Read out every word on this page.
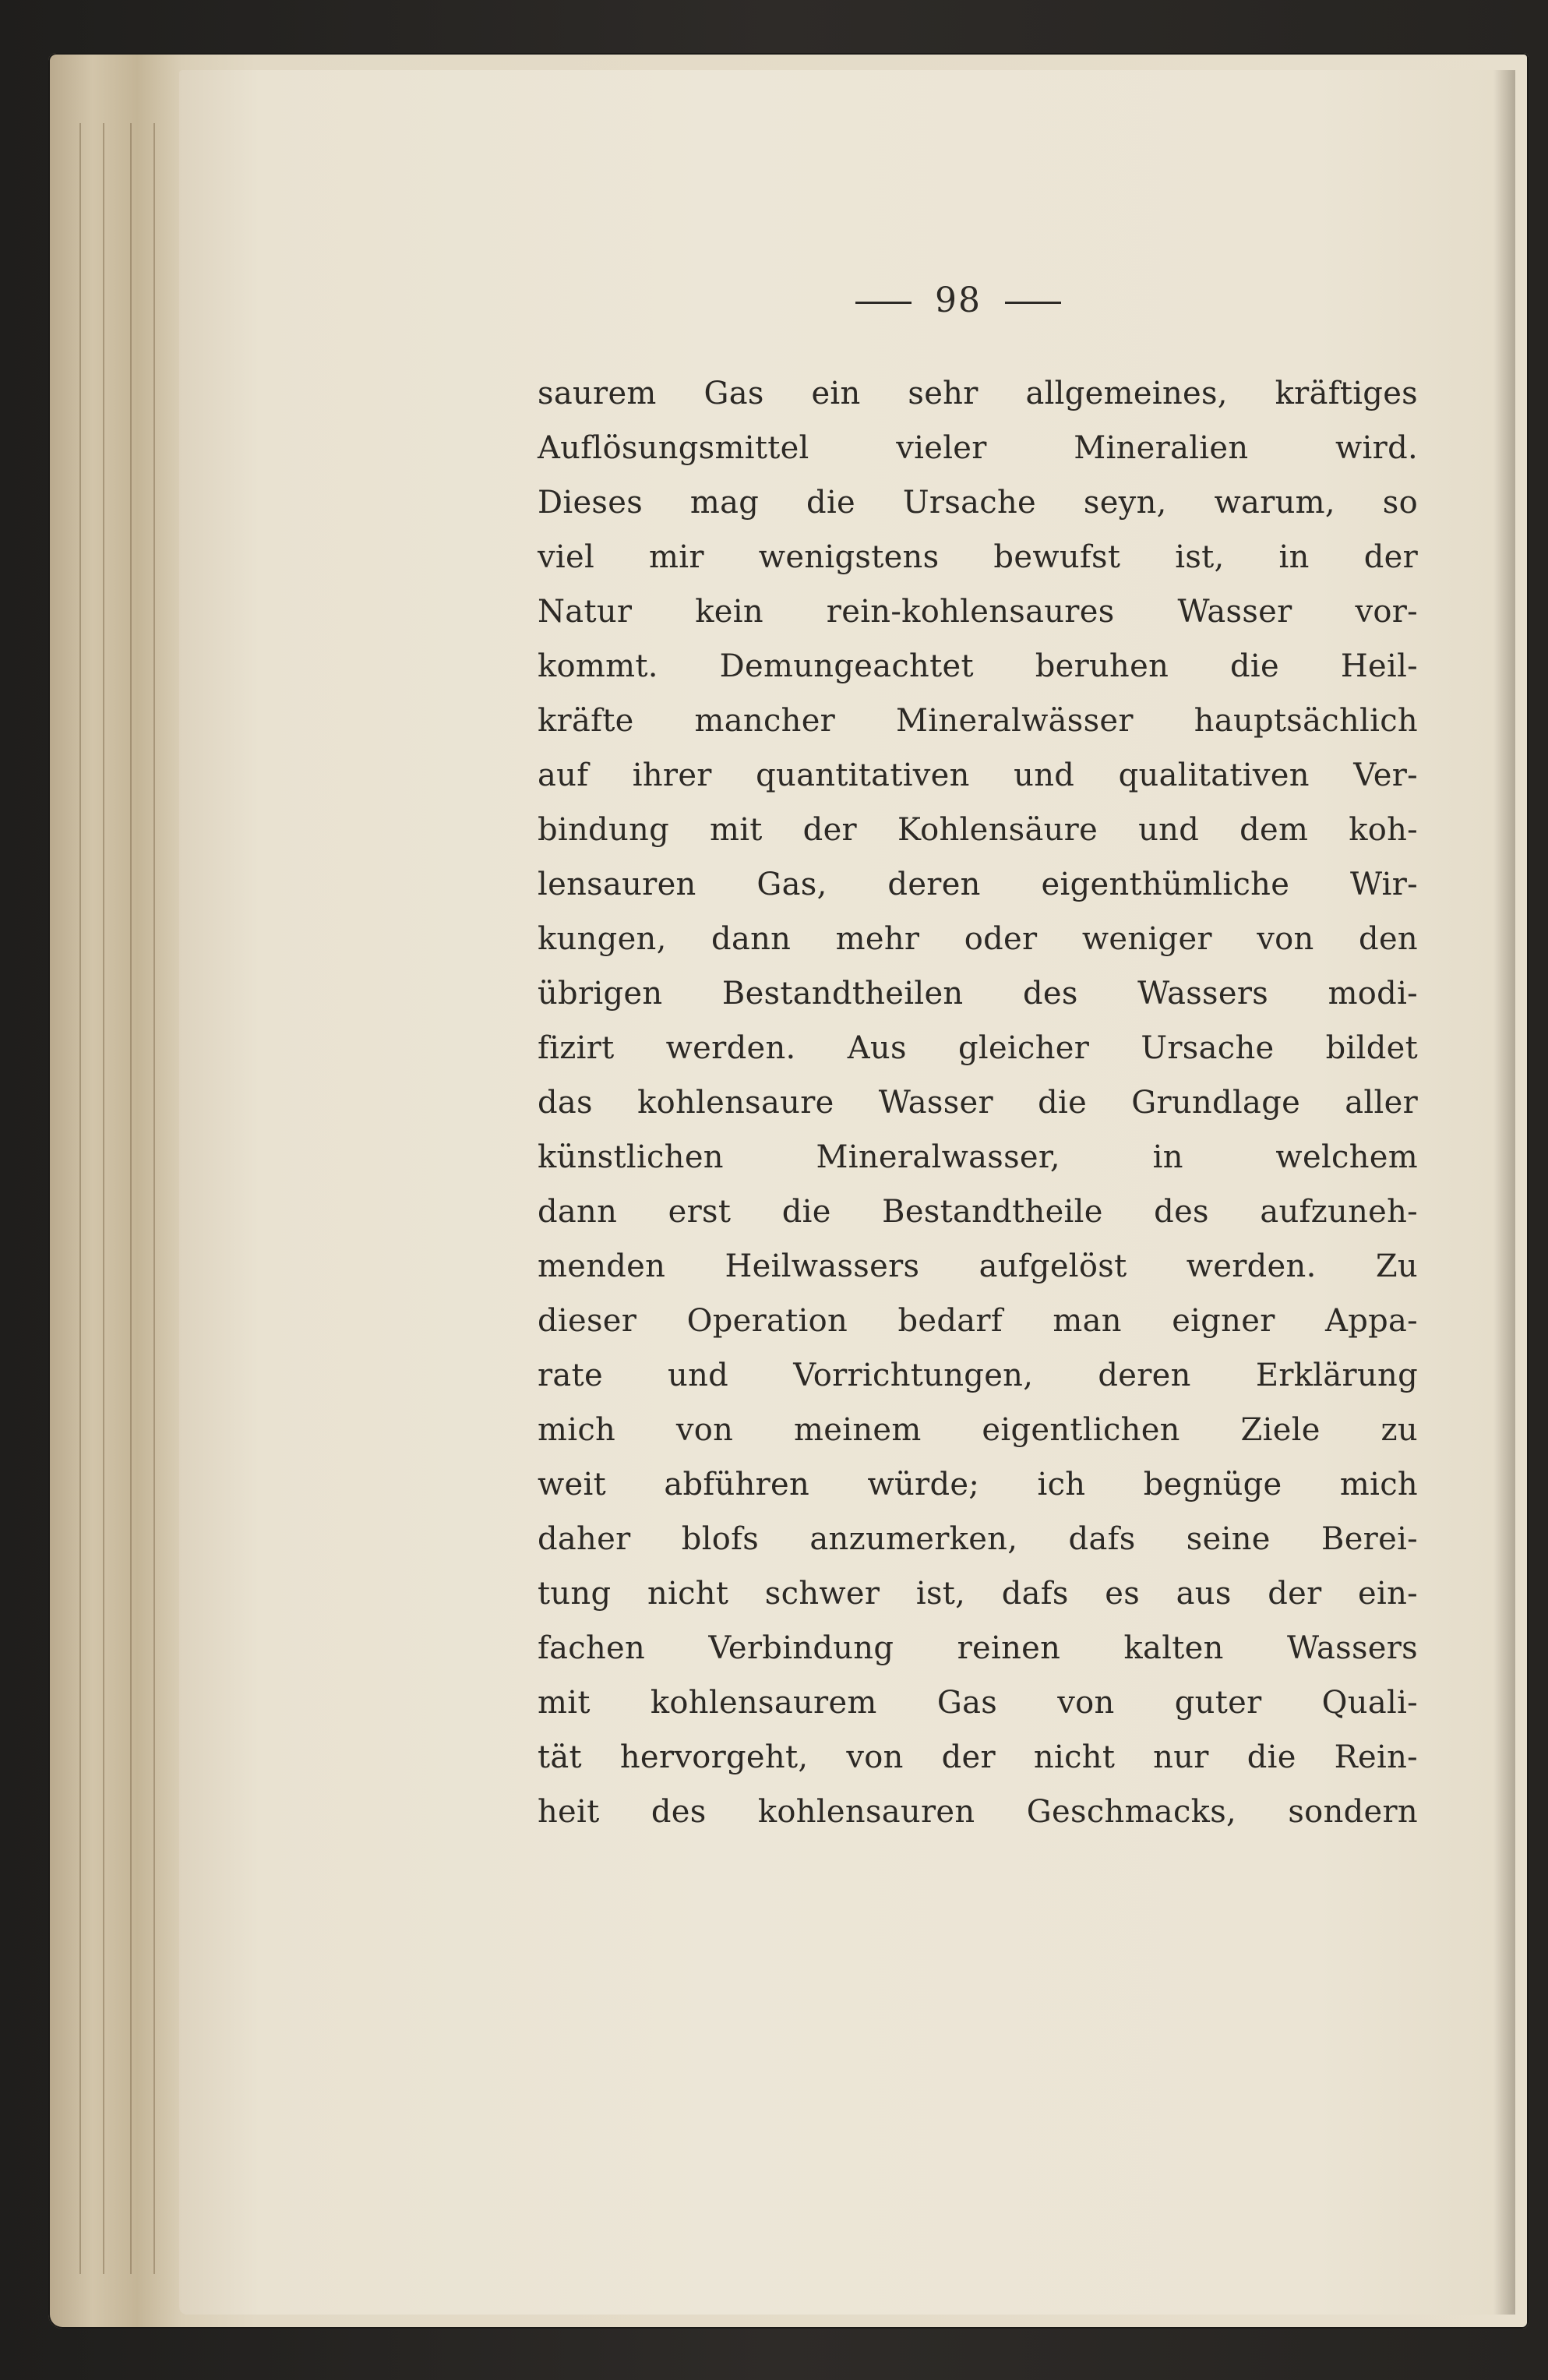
98
saurem Gas ein sehr allgemeines, kräftiges
Auflösungsmittel vieler Mineralien wird.
Dieses mag die Ursache seyn, warum, so
viel mir wenigstens bewufst ist, in der
Natur kein rein-kohlensaures Wasser vor-
kommt. Demungeachtet beruhen die Heil-
kräfte mancher Mineralwässer hauptsächlich
auf ihrer quantitativen und qualitativen Ver-
bindung mit der Kohlensäure und dem koh-
lensauren Gas, deren eigenthümliche Wir-
kungen, dann mehr oder weniger von den
übrigen Bestandtheilen des Wassers modi-
fizirt werden. Aus gleicher Ursache bildet
das kohlensaure Wasser die Grundlage aller
künstlichen Mineralwasser, in welchem
dann erst die Bestandtheile des aufzuneh-
menden Heilwassers aufgelöst werden. Zu
dieser Operation bedarf man eigner Appa-
rate und Vorrichtungen, deren Erklärung
mich von meinem eigentlichen Ziele zu
weit abführen würde; ich begnüge mich
daher blofs anzumerken, dafs seine Berei-
tung nicht schwer ist, dafs es aus der ein-
fachen Verbindung reinen kalten Wassers
mit kohlensaurem Gas von guter Quali-
tät hervorgeht, von der nicht nur die Rein-
heit des kohlensauren Geschmacks, sondern
